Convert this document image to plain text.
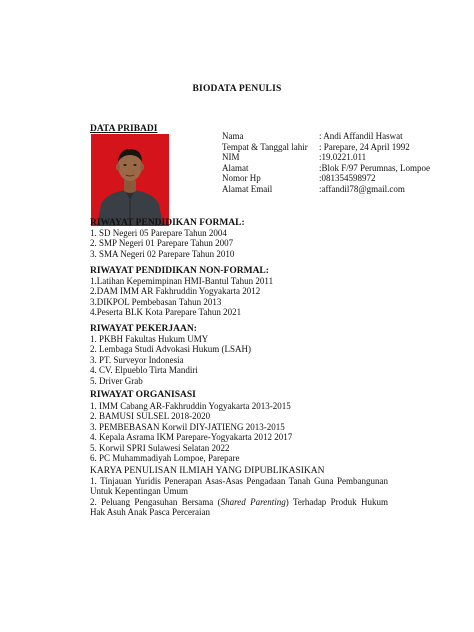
BIODATA PENULIS
DATA PRIBADI
Nama	: Andi Affandil Haswat
Tempat & Tanggal lahir	: Parepare, 24 April 1992
NIM	:19.0221.011
Alamat	:Blok F/97 Perumnas, Lompoe
Nomor Hp	:081354598972
Alamat Email	:affandil78@gmail.com
RIWAYAT PENDIDIKAN FORMAL:
1. SD Negeri 05 Parepare Tahun 2004
2. SMP Negeri 01 Parepare Tahun 2007
3. SMA Negeri 02 Parepare Tahun 2010
RIWAYAT PENDIDIKAN NON-FORMAL:
1.Latihan Kepemimpinan HMI-Bantul Tahun 2011
2.DAM IMM AR Fakhruddin Yogyakarta 2012
3.DIKPOL Pembebasan Tahun 2013
4.Peserta BLK Kota Parepare Tahun 2021
RIWAYAT PEKERJAAN:
1. PKBH Fakultas Hukum UMY
2. Lembaga Studi Advokasi Hukum (LSAH)
3. PT. Surveyor Indonesia
4. CV. Elpueblo Tirta Mandiri
5. Driver Grab
RIWAYAT ORGANISASI
1. IMM Cabang AR-Fakhruddin Yogyakarta 2013-2015
2. BAMUSI SULSEL 2018-2020
3. PEMBEBASAN Korwil DIY-JATIENG 2013-2015
4. Kepala Asrama IKM Parepare-Yogyakarta 2012 2017
5. Korwil SPRI Sulawesi Selatan 2022
6. PC Muhammadiyah Lompoe, Parepare
KARYA PENULISAN ILMIAH YANG DIPUBLIKASIKAN

1. Tinjauan Yuridis Penerapan Asas-Asas Pengadaan Tanah Guna Pembangunan Untuk Kepentingan Umum

2. Peluang Pengasuhan Bersama (Shared Parenting) Terhadap Produk Hukum Hak Asuh Anak Pasca Perceraian
